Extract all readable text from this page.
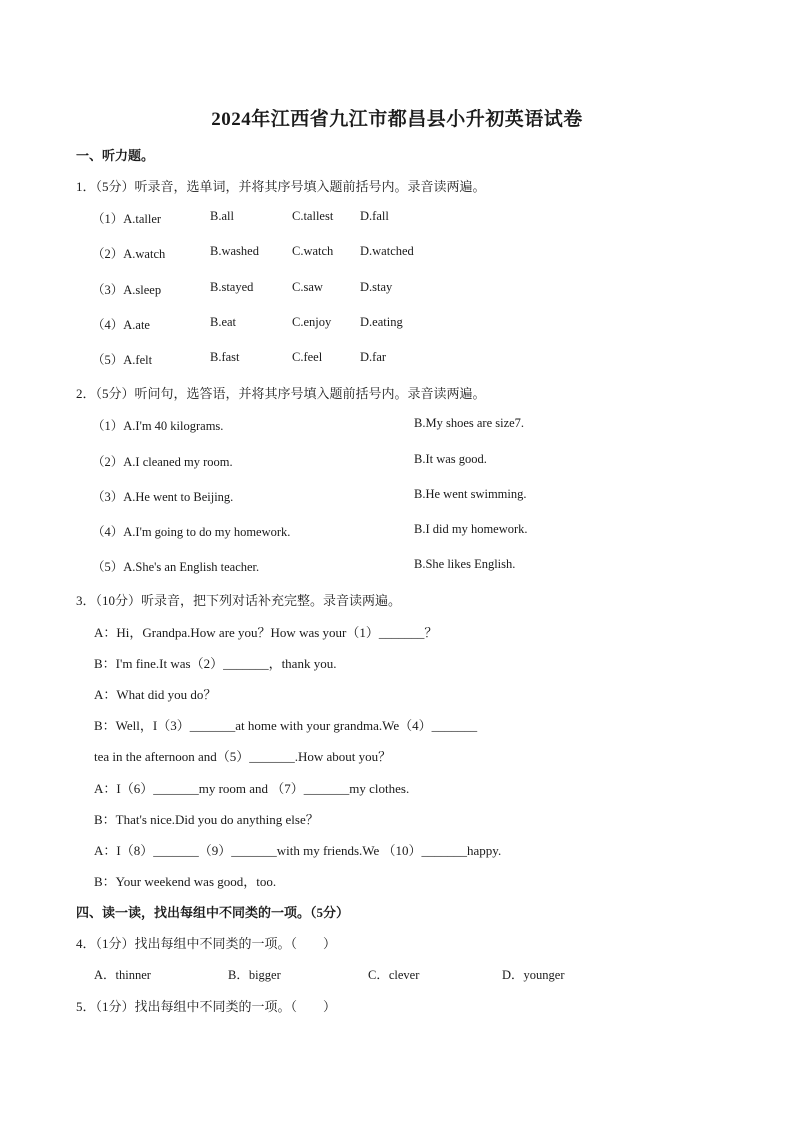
2024年江西省九江市都昌县小升初英语试卷
一、听力题。
1．（5分）听录音，选单词，并将其序号填入题前括号内。录音读两遍。
（1）A.taller	B.all	C.tallest D.fall
（2）A.watch	B.washed	C.watch D.watched
（3）A.sleep	B.stayed	C.saw	D.stay
（4）A.ate	B.eat	C.enjoy D.eating
（5）A.felt	B.fast	C.feel	D.far
2．（5分）听问句，选答语，并将其序号填入题前括号内。录音读两遍。
（1）A.I'm 40 kilograms.	B.My shoes are size7.
（2）A.I cleaned my room.	B.It was good.
（3）A.He went to Beijing.	B.He went swimming.
（4）A.I'm going to do my homework.	B.I did my homework.
（5）A.She's an English teacher.	B.She likes English.
3．（10分）听录音，把下列对话补充完整。录音读两遍。
A：Hi，Grandpa.How are you？How was your（1）_______？
B：I'm fine.It was（2）_______，thank you.
A：What did you do？
B：Well，I（3）_______at home with your grandma.We（4）_______
tea in the afternoon and（5）_______.How about you？
A：I（6）_______my room and （7）_______my clothes.
B：That's nice.Did you do anything else？
A：I（8）_______（9）_______with my friends.We （10）_______happy.
B：Your weekend was good，too.
四、读一读，找出每组中不同类的一项。（5分）
4．（1分）找出每组中不同类的一项。（　　）
A．thinner	B．bigger	C．clever	D．younger
5．（1分）找出每组中不同类的一项。（　　）
